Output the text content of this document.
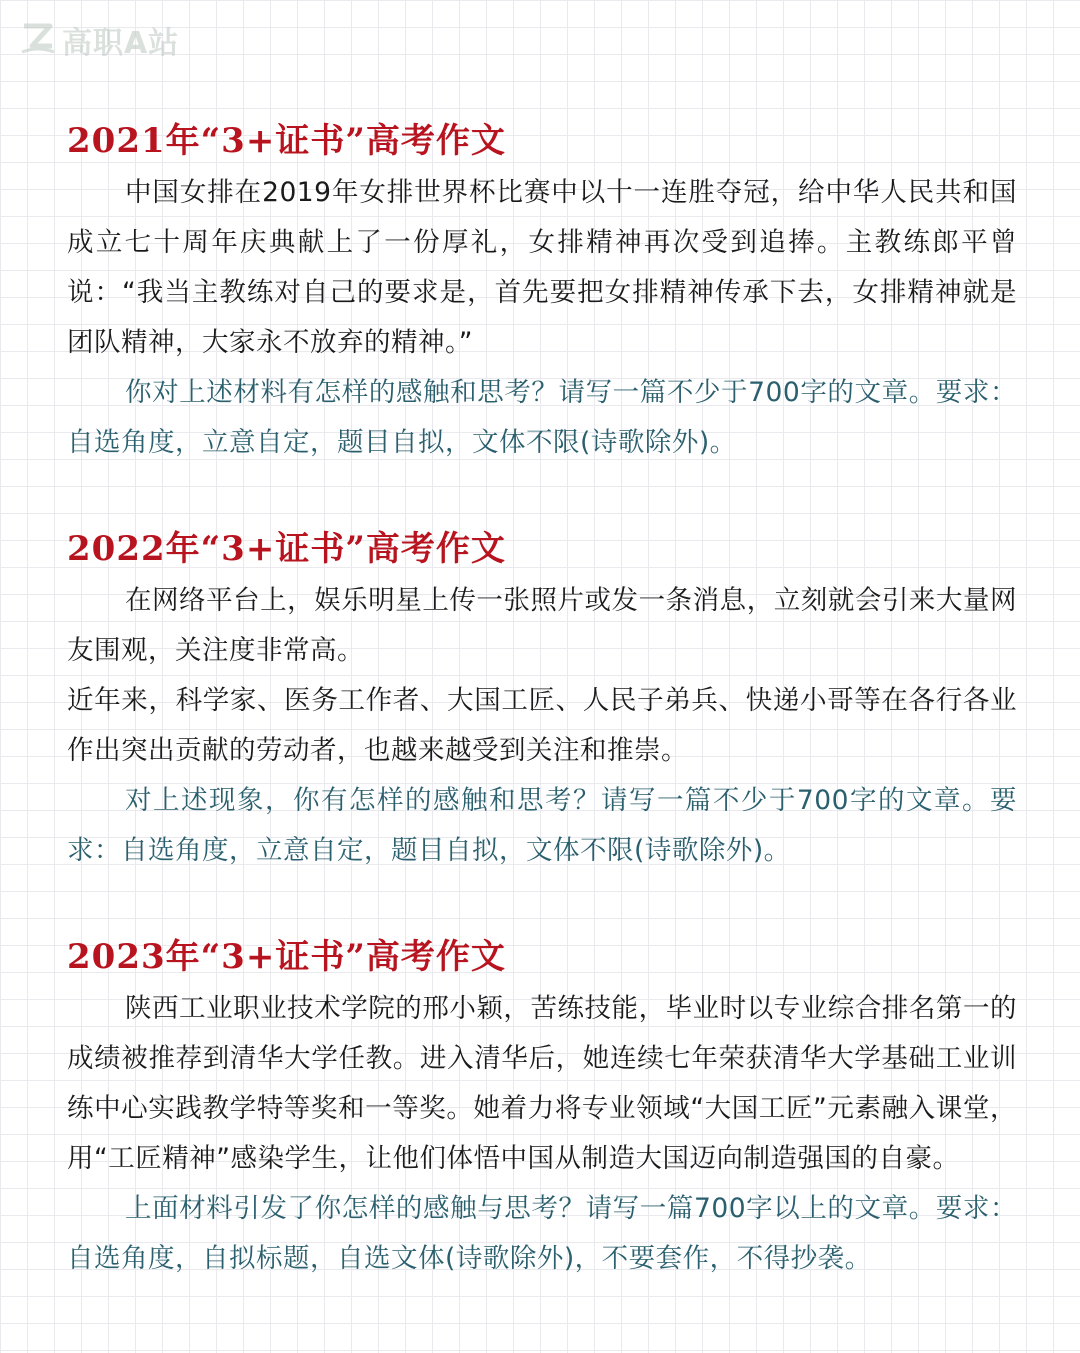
高职A站
2021年“3+证书”高考作文

中国女排在2019年女排世界杯比赛中以十一连胜夺冠，给中华人民共和国成立七十周年庆典献上了一份厚礼，女排精神再次受到追捧。主教练郎平曾说：“我当主教练对自己的要求是，首先要把女排精神传承下去，女排精神就是团队精神，大家永不放弃的精神。”

你对上述材料有怎样的感触和思考？请写一篇不少于700字的文章。要求：自选角度，立意自定，题目自拟，文体不限(诗歌除外)。

2022年“3+证书”高考作文

在网络平台上，娱乐明星上传一张照片或发一条消息，立刻就会引来大量网友围观，关注度非常高。

近年来，科学家、医务工作者、大国工匠、人民子弟兵、快递小哥等在各行各业作出突出贡献的劳动者，也越来越受到关注和推崇。

对上述现象，你有怎样的感触和思考？请写一篇不少于700字的文章。要求：自选角度，立意自定，题目自拟，文体不限(诗歌除外)。

2023年“3+证书”高考作文

陕西工业职业技术学院的邢小颖，苦练技能，毕业时以专业综合排名第一的成绩被推荐到清华大学任教。进入清华后，她连续七年荣获清华大学基础工业训练中心实践教学特等奖和一等奖。她着力将专业领域“大国工匠”元素融入课堂，用“工匠精神”感染学生，让他们体悟中国从制造大国迈向制造强国的自豪。

上面材料引发了你怎样的感触与思考？请写一篇700字以上的文章。要求：自选角度，自拟标题，自选文体(诗歌除外)，不要套作，不得抄袭。
